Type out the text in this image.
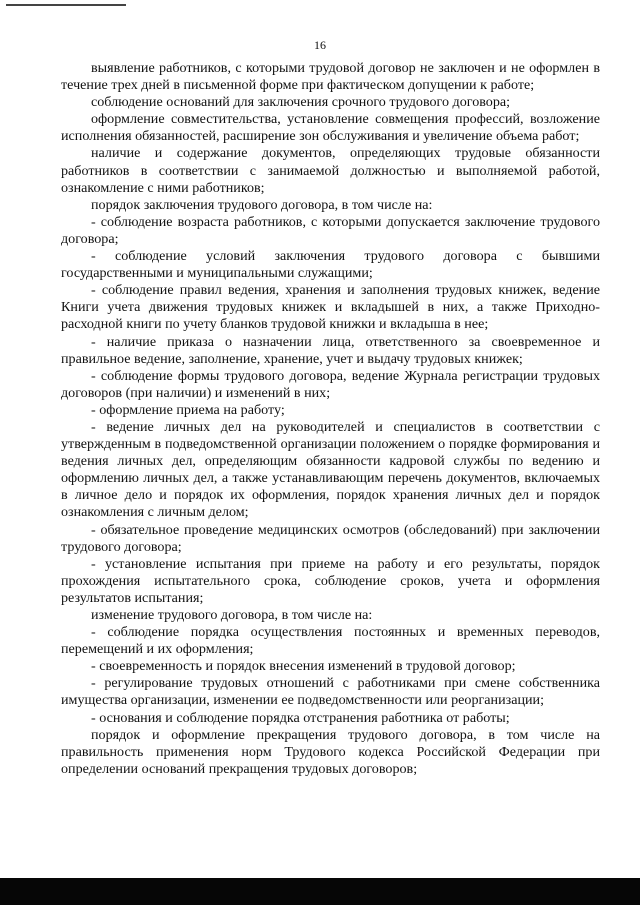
16

выявление работников, с которыми трудовой договор не заключен и не оформлен в течение трех дней в письменной форме при фактическом допущении к работе;

соблюдение оснований для заключения срочного трудового договора;

оформление совместительства, установление совмещения профессий, возложение исполнения обязанностей, расширение зон обслуживания и увеличение объема работ;

наличие и содержание документов, определяющих трудовые обязанности работников в соответствии с занимаемой должностью и выполняемой работой, ознакомление с ними работников;

порядок заключения трудового договора, в том числе на:

- соблюдение возраста работников, с которыми допускается заключение трудового договора;

- соблюдение условий заключения трудового договора с бывшими государственными и муниципальными служащими;

- соблюдение правил ведения, хранения и заполнения трудовых книжек, ведение Книги учета движения трудовых книжек и вкладышей в них, а также Приходно-расходной книги по учету бланков трудовой книжки и вкладыша в нее;

- наличие приказа о назначении лица, ответственного за своевременное и правильное ведение, заполнение, хранение, учет и выдачу трудовых книжек;

- соблюдение формы трудового договора, ведение Журнала регистрации трудовых договоров (при наличии) и изменений в них;

- оформление приема на работу;

- ведение личных дел на руководителей и специалистов в соответствии с утвержденным в подведомственной организации положением о порядке формирования и ведения личных дел, определяющим обязанности кадровой службы по ведению и оформлению личных дел, а также устанавливающим перечень документов, включаемых в личное дело и порядок их оформления, порядок хранения личных дел и порядок ознакомления с личным делом;

- обязательное проведение медицинских осмотров (обследований) при заключении трудового договора;

- установление испытания при приеме на работу и его результаты, порядок прохождения испытательного срока, соблюдение сроков, учета и оформления результатов испытания;

изменение трудового договора, в том числе на:

- соблюдение порядка осуществления постоянных и временных переводов, перемещений и их оформления;

- своевременность и порядок внесения изменений в трудовой договор;

- регулирование трудовых отношений с работниками при смене собственника имущества организации, изменении ее подведомственности или реорганизации;

- основания и соблюдение порядка отстранения работника от работы;

порядок и оформление прекращения трудового договора, в том числе на правильность применения норм Трудового кодекса Российской Федерации при определении оснований прекращения трудовых договоров;
